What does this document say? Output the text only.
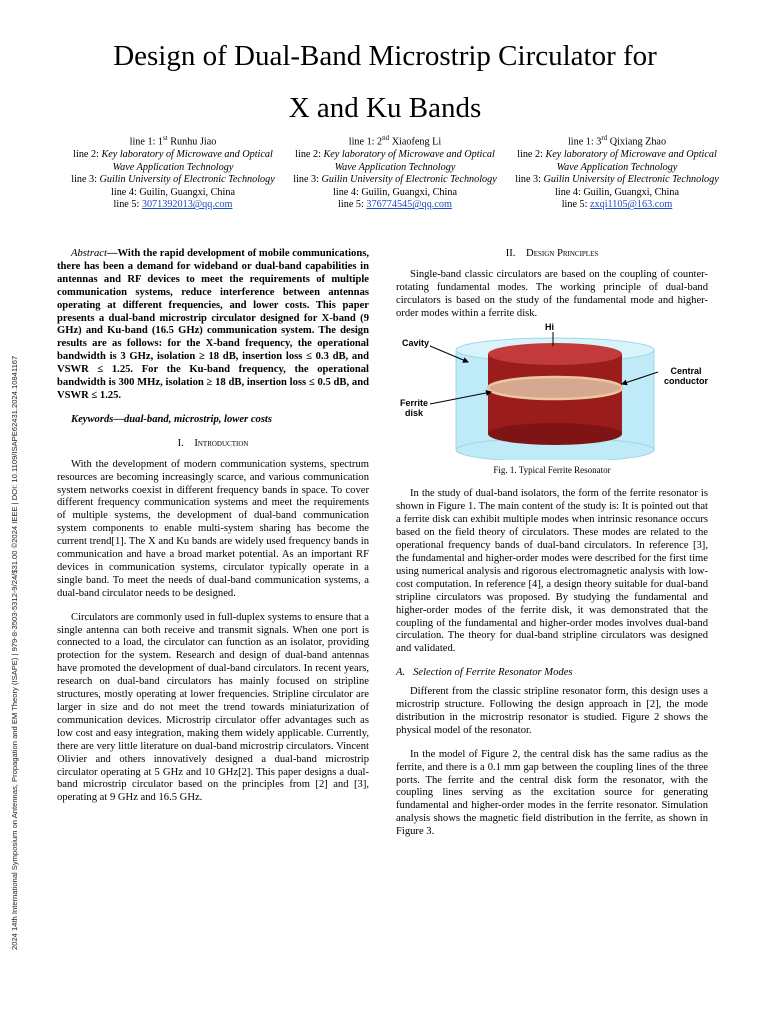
2024 14th International Symposium on Antennas, Propagation and EM Theory (ISAPE) | 979-8-3503-5312-9/24/$31.00 ©2024 IEEE | DOI: 10.1109/ISAPE62431.2024.10841167
Design of Dual-Band Microstrip Circulator for
X and Ku Bands
line 1: 1st Runhu Jiao
line 2: Key laboratory of Microwave and Optical Wave Application Technology
line 3: Guilin University of Electronic Technology
line 4: Guilin, Guangxi, China
line 5: 3071392013@qq.com
line 1: 2nd Xiaofeng Li
line 2: Key laboratory of Microwave and Optical Wave Application Technology
line 3: Guilin University of Electronic Technology
line 4: Guilin, Guangxi, China
line 5: 376774545@qq.com
line 1: 3rd Qixiang Zhao
line 2: Key laboratory of Microwave and Optical Wave Application Technology
line 3: Guilin University of Electronic Technology
line 4: Guilin, Guangxi, China
line 5: zxqi1105@163.com

Abstract—With the rapid development of mobile communications, there has been a demand for wideband or dual-band capabilities in antennas and RF devices to meet the requirements of multiple communication systems, reduce interference between antennas operating at different frequencies, and lower costs. This paper presents a dual-band microstrip circulator designed for X-band (9 GHz) and Ku-band (16.5 GHz) communication system. The design results are as follows: for the X-band frequency, the operational bandwidth is 3 GHz, isolation ≥ 18 dB, insertion loss ≤ 0.3 dB, and VSWR ≤ 1.25. For the Ku-band frequency, the operational bandwidth is 300 MHz, isolation ≥ 18 dB, insertion loss ≤ 0.5 dB, and VSWR ≤ 1.25.

Keywords—dual-band, microstrip, lower costs

I. Introduction

With the development of modern communication systems, spectrum resources are becoming increasingly scarce, and various communication system networks coexist in different frequency bands in space. To cover different frequency communication systems and meet the requirements of multiple systems, the development of dual-band communication system components to enable multi-system sharing has become the current trend[1]. The X and Ku bands are widely used frequency bands in communication and have a broad market potential. As an important RF devices in communication systems, circulator typically operate in a single band. To meet the needs of dual-band communication systems, a dual-band circulator needs to be designed.

Circulators are commonly used in full-duplex systems to ensure that a single antenna can both receive and transmit signals. When one port is connected to a load, the circulator can function as an isolator, providing protection for the system. Research and design of dual-band antennas have promoted the development of dual-band circulators. In recent years, research on dual-band circulators has mainly focused on stripline structures, mostly operating at lower frequencies. Stripline circulator are larger in size and do not meet the trend towards miniaturization of communication devices. Microstrip circulator offer advantages such as low cost and easy integration, making them widely applicable. Currently, there are very little literature on dual-band microstrip circulators. Vincent Olivier and others innovatively designed a dual-band microstrip circulator operating at 5 GHz and 10 GHz[2]. This paper designs a dual-band microstrip circulator based on the principles from [2] and [3], operating at 9 GHz and 16.5 GHz.

II. Design Principles

Single-band classic circulators are based on the coupling of counter-rotating fundamental modes. The working principle of dual-band circulators is based on the study of the fundamental mode and higher-order modes within a ferrite disk.

Hi
Cavity
Central
conductor
Ferrite
disk
Fig. 1. Typical Ferrite Resonator

In the study of dual-band isolators, the form of the ferrite resonator is shown in Figure 1. The main content of the study is: It is pointed out that a ferrite disk can exhibit multiple modes when intrinsic resonance occurs based on the field theory of circulators. These modes are related to the operational frequency bands of dual-band circulators. In reference [3], the fundamental and higher-order modes were described for the first time using numerical analysis and rigorous electromagnetic analysis with low-cost computation. In reference [4], a design theory suitable for dual-band stripline circulators was proposed. By studying the fundamental and higher-order modes of the ferrite disk, it was demonstrated that the coupling of the fundamental and higher-order modes involves dual-band circulation. The theory for dual-band stripline circulators was designed and validated.

A. Selection of Ferrite Resonator Modes

Different from the classic stripline resonator form, this design uses a microstrip structure. Following the design approach in [2], the mode distribution in the microstrip resonator is studied. Figure 2 shows the physical model of the resonator.

In the model of Figure 2, the central disk has the same radius as the ferrite, and there is a 0.1 mm gap between the coupling lines of the three ports. The ferrite and the central disk form the resonator, with the coupling lines serving as the excitation source for generating fundamental and higher-order modes in the ferrite resonator. Simulation analysis shows the magnetic field distribution in the ferrite, as shown in Figure 3.
